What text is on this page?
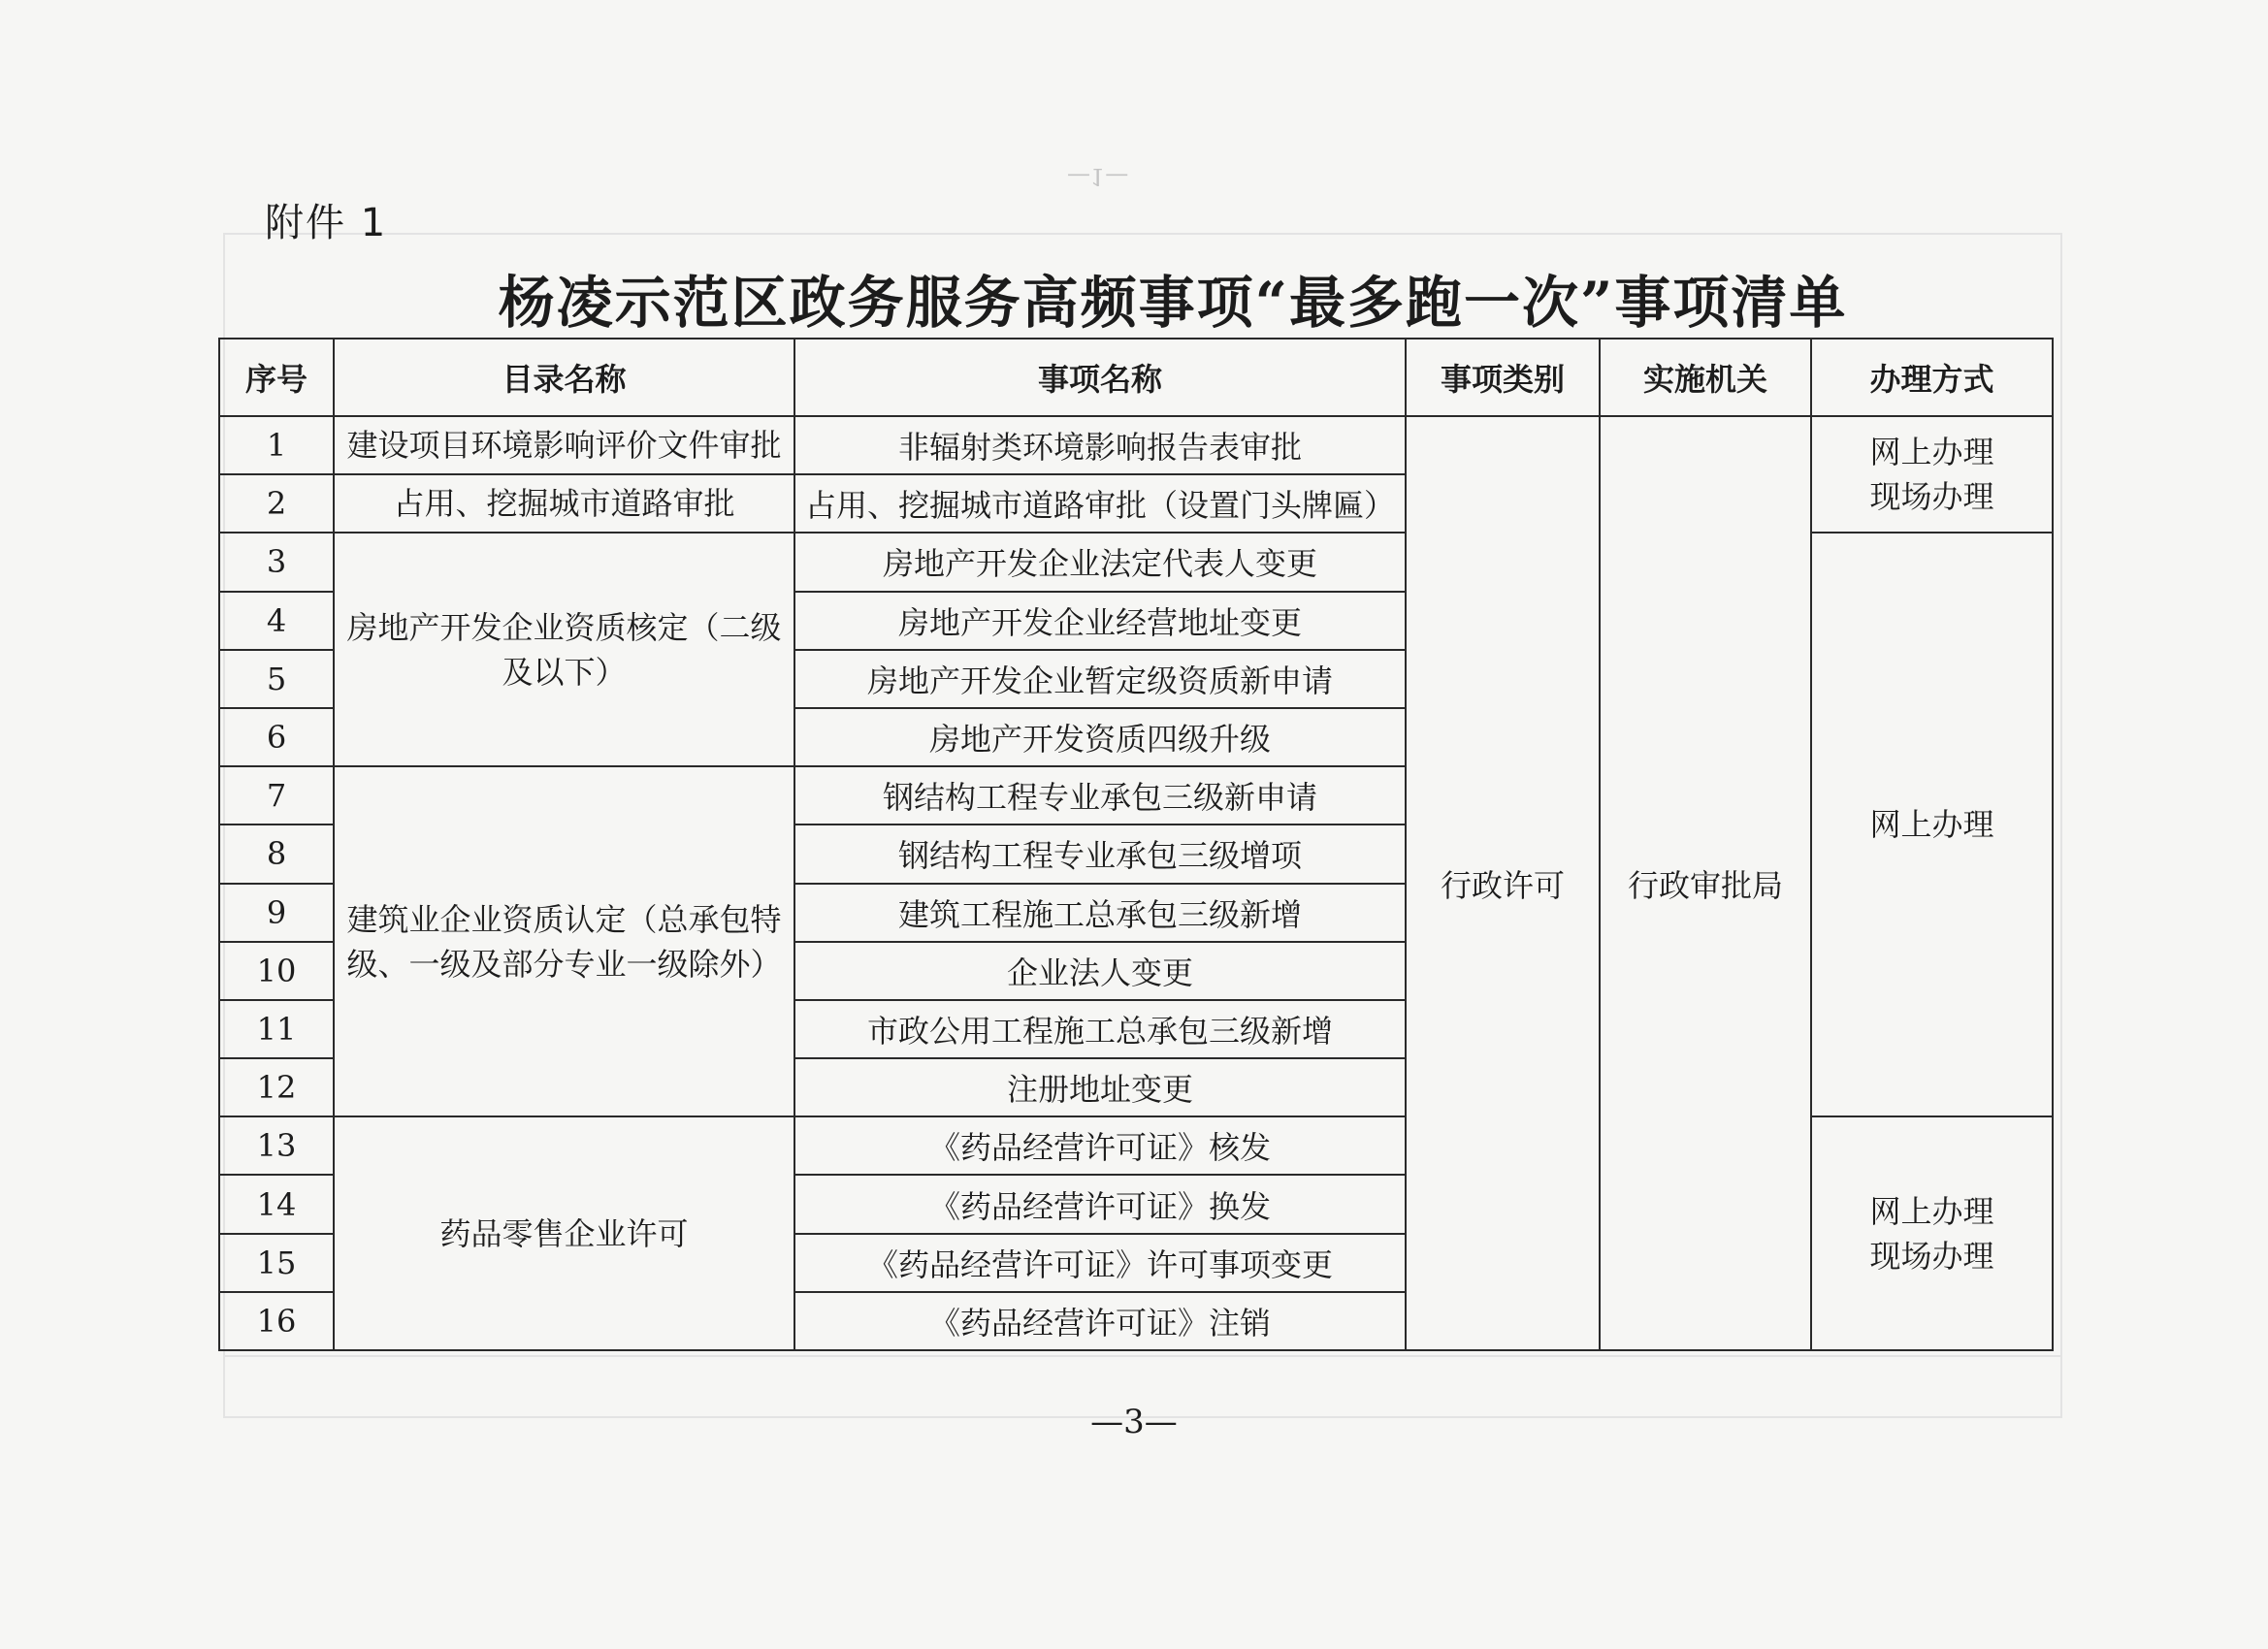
—1—
附件 1
杨凌示范区政务服务高频事项“最多跑一次”事项清单
序号	目录名称	事项名称	事项类别	实施机关	办理方式
1	建设项目环境影响评价文件审批	非辐射类环境影响报告表审批	行政许可	行政审批局	网上办理
现场办理

2	占用、挖掘城市道路审批	占用、挖掘城市道路审批（设置门头牌匾）			
3	房地产开发企业资质核定（二级及以下）	房地产开发企业法定代表人变更			网上办理

4		房地产开发企业经营地址变更			
5		房地产开发企业暂定级资质新申请			
6		房地产开发资质四级升级			
7	建筑业企业资质认定（总承包特级、一级及部分专业一级除外）	钢结构工程专业承包三级新申请			
8		钢结构工程专业承包三级增项			
9		建筑工程施工总承包三级新增			
10		企业法人变更			
11		市政公用工程施工总承包三级新增			
12		注册地址变更			
13	药品零售企业许可	《药品经营许可证》核发			网上办理
现场办理

14		《药品经营许可证》换发			
15		《药品经营许可证》许可事项变更			
16		《药品经营许可证》注销			
—3—
